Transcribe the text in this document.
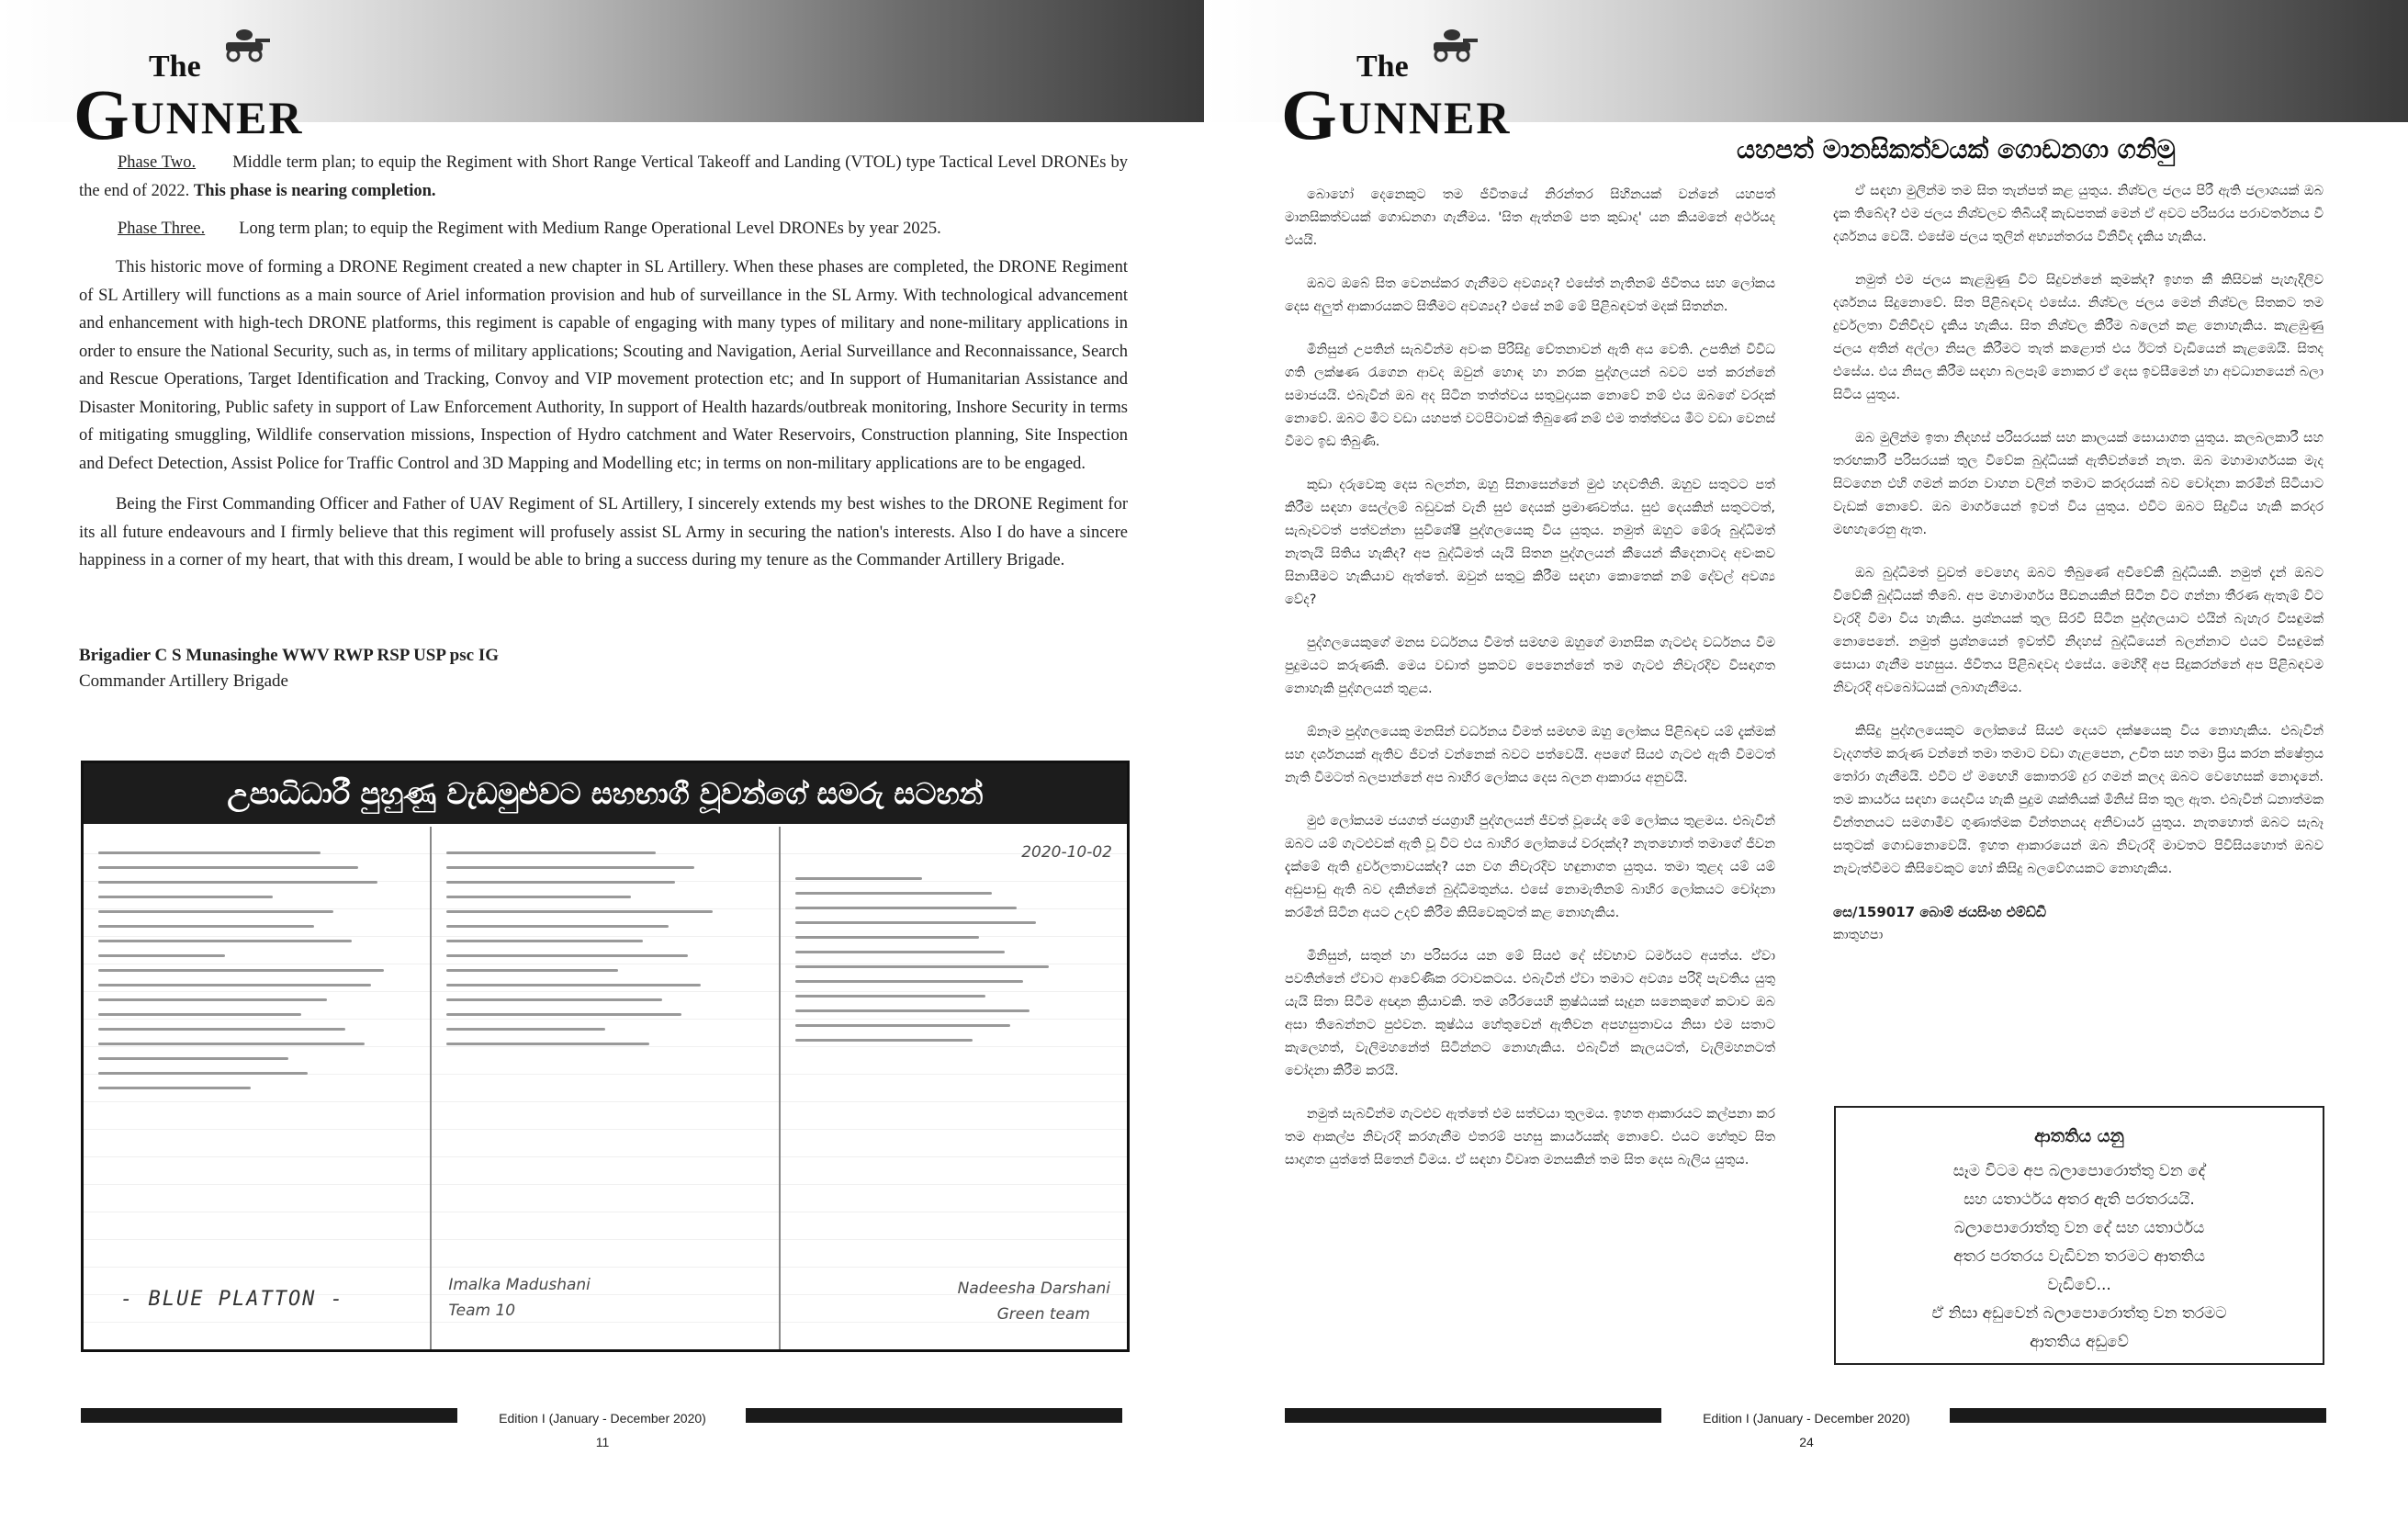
The
GUNNER

Phase Two. Middle term plan; to equip the Regiment with Short Range Vertical Takeoff and Landing (VTOL) type Tactical Level DRONEs by the end of 2022. This phase is nearing completion.

Phase Three. Long term plan; to equip the Regiment with Medium Range Operational Level DRONEs by year 2025.

This historic move of forming a DRONE Regiment created a new chapter in SL Artillery. When these phases are completed, the DRONE Regiment of SL Artillery will functions as a main source of Ariel information provision and hub of surveillance in the SL Army. With technological advancement and enhancement with high-tech DRONE platforms, this regiment is capable of engaging with many types of military and none-military applications in order to ensure the National Security, such as, in terms of military applications; Scouting and Navigation, Aerial Surveillance and Reconnaissance, Search and Rescue Operations, Target Identification and Tracking, Convoy and VIP movement protection etc; and In support of Humanitarian Assistance and Disaster Monitoring, Public safety in support of Law Enforcement Authority, In support of Health hazards/outbreak monitoring, Inshore Security in terms of mitigating smuggling, Wildlife conservation missions, Inspection of Hydro catchment and Water Reservoirs, Construction planning, Site Inspection and Defect Detection, Assist Police for Traffic Control and 3D Mapping and Modelling etc; in terms on non-military applications are to be engaged.

Being the First Commanding Officer and Father of UAV Regiment of SL Artillery, I sincerely extends my best wishes to the DRONE Regiment for its all future endeavours and I firmly believe that this regiment will profusely assist SL Army in securing the nation's interests. Also I do have a sincere happiness in a corner of my heart, that with this dream, I would be able to bring a success during my tenure as the Commander Artillery Brigade.

Brigadier C S Munasinghe WWV RWP RSP USP psc IG
Commander Artillery Brigade
උපාධිධාරී පුහුණු වැඩමුළුවට සහභාගී වූවන්ගේ සමරු සටහන්
- BLUE PLATTON -
Imalka Madushani
Team 10
2020-10-02
Nadeesha Darshani
Green team
Edition I (January - December 2020)
11
The
GUNNER
යහපත් මානසිකත්වයක් ගොඩනගා ගනිමු

බොහෝ දෙනෙකුට තම ජීවිතයේ නිරන්තර සිහිනයක් වන්නේ යහපත් මානසිකත්වයක් ගොඩනගා ගැනීමය. 'සිත ඇත්නම් පත කුඩාද' යන කියමනේ අර්ථයද එයයි.

ඔබට ඔබේ සිත වෙනස්කර ගැනීමට අවශ්‍යද? එසේත් නැතිනම් ජීවිතය සහ ලෝකය දෙස අලුත් ආකාරයකට සිතීමට අවශ්‍යද? එසේ නම් මේ පිළිබඳවත් මදක් සිතන්න.

මිනිසුන් උපතින් සැබවින්ම අවංක පිරිසිදු චේතනාවන් ඇති අය වෙති. උපතින් විවිධ ගති ලක්ෂණ රැගෙන ආවද ඔවුන් හොඳ හා නරක පුද්ගලයන් බවට පත් කරන්නේ සමාජයයි. එබැවින් ඔබ අද සිටින තත්ත්වය සතුටුදායක නොවේ නම් එය ඔබගේ වරදක් නොවේ. ඔබට මීට වඩා යහපත් වටපිටාවක් තිබුණේ නම් එම තත්ත්වය මීට වඩා වෙනස් වීමට ඉඩ තිබුණි.

කුඩා දරුවෙකු දෙස බලන්න, ඔහු සිනාසෙන්නේ මුළු හදවතිනි. ඔහුව සතුටට පත් කිරීම සඳහා සෙල්ලම් බඩුවක් වැනි සුළු දෙයක් ප්‍රමාණවත්ය. සුළු දෙයකින් සතුටටත්, සැබෑවටත් පත්වන්නා සුවිශේෂී පුද්ගලයෙකු විය යුතුය. නමුත් ඔහුට මේරූ බුද්ධිමත් නැතැයි සිතිය හැකිද? අප බුද්ධිමත් යැයි සිතන පුද්ගලයන් කීයෙන් කීදෙනාටද අවංකව සිනාසීමට හැකියාව ඇත්තේ. ඔවුන් සතුටු කිරීම සඳහා කොතෙක් නම් දේවල් අවශ්‍ය වේද?

පුද්ගලයෙකුගේ මනස වර්ධනය වීමත් සමඟම ඔහුගේ මානසික ගැටළුද වර්ධනය වීම පුදුමයට කරුණකි. මෙය වඩාත් ප්‍රකටව පෙනෙන්නේ තම ගැටළු නිවැරදිව විසඳාගත නොහැකි පුද්ගලයන් තුළය.

ඕනෑම පුද්ගලයෙකු මනසින් වර්ධනය වීමත් සමඟම ඔහු ලෝකය පිළිබඳව යම් දැක්මක් සහ දර්ශනයක් ඇතිව ජීවත් වන්නෙක් බවට පත්වෙයි. අපගේ සියළු ගැටළු ඇති වීමටත් නැති වීමටත් බලපාන්නේ අප බාහිර ලෝකය දෙස බලන ආකාරය අනුවයි.

මුළු ලෝකයම ජයගත් ජයග්‍රාහී පුද්ගලයන් ජීවත් වූයේද මේ ලෝකය තුළමය. එබැවින් ඔබට යම් ගැටළුවක් ඇති වූ විට එය බාහිර ලෝකයේ වරදක්ද? නැතහොත් තමාගේ ජීවන දැක්මේ ඇති දුර්වලතාවයක්ද? යන වග නිවැරදිව හඳුනාගත යුතුය. තමා තුළද යම් යම් අඩුපාඩු ඇති බව දකින්නේ බුද්ධිමතුන්ය. එසේ නොමැතිනම් බාහිර ලෝකයට චෝදනා කරමින් සිටින අයට උදව් කිරීම කිසිවෙකුටත් කළ නොහැකිය.

මිනිසුන්, සතුන් හා පරිසරය යන මේ සියළු දේ ස්වභාව ධර්මයට අයත්ය. ඒවා පවතින්නේ ඒවාට ආවේණික රටාවකටය. එබැවින් ඒවා තමාට අවශ්‍ය පරිදි පැවතිය යුතු යැයි සිතා සිටීම අඥාන ක්‍රියාවකි. තම ශරීරයෙහි ක්‍රෂ්ඨයක් සෑදුන සනෙකුගේ කටාව ඔබ අසා තිබෙන්නට පුළුවන. කුෂ්ඨය හේතුවෙන් ඇතිවන අපහසුතාවය නිසා එම සතාට කැලෙහත්, වැලිමහනේත් සිටින්නට නොහැකිය. එබැවින් කැලයටත්, වැලිමහනටත් චෝදනා කිරීම කරයි.

නමුත් සැබවින්ම ගැටළුව ඇත්තේ එම සත්වයා තුලමය. ඉහත ආකාරයට කල්පනා කර තම ආකල්ප නිවැරදි කරගැනීම එතරම් පහසු කාර්යයක්ද නොවේ. එයට හේතුව සිත සාදාගත යුත්තේ සිතෙන් වීමය. ඒ සඳහා විවෘත මනසකින් තම සිත දෙස බැලිය යුතුය.

ඒ සඳහා මුලින්ම තම සිත තැන්පත් කළ යුතුය. නිශ්චල ජලය පිරී ඇති ජලාශයක් ඔබ දැක තිබේද? එම ජලය නිශ්චලව තිබියදී කැඩපතක් මෙන් ඒ අවට පරිසරය පරාවර්තනය වී දර්ශනය වෙයි. එසේම ජලය තුලින් අභ්‍යන්තරය විනිවිද දැකිය හැකිය.

නමුත් එම ජලය කැළඹුණු විට සිදුවන්නේ කුමක්ද? ඉහත කී කිසිවක් පැහැදිලිව දර්ශනය සිදුනොවේ. සිත පිළිබඳවද එසේය. නිශ්චල ජලය මෙන් නිශ්චල සිතකට තම දුර්වලතා විනිවිදව දැකිය හැකිය. සිත නිශ්චල කිරීම බලෙන් කළ නොහැකිය. කැළඹුණු ජලය අතින් අල්ලා නිසල කිරීමට තැත් කළොත් එය ඊටත් වැඩියෙන් කැළඹෙයි. සිතද එසේය. එය නිසල කිරීම සඳහා බලපෑම් නොකර ඒ දෙස ඉවසීමෙන් හා අවධානයෙන් බලා සිටිය යුතුය.

ඔබ මුලින්ම ඉතා නිදහස් පරිසරයක් සහ කාලයක් සොයාගත යුතුය. කලබලකාරී සහ තරඟකාරී පරිසරයක් තුල විවේක බුද්ධියක් ඇතිවන්නේ නැත. ඔබ මහාමාර්ගයක මැද සිටගෙන එහි ගමන් කරන වාහන වලින් තමාට කරදරයක් බව චෝදනා කරමින් සිටියාට වැඩක් නොවේ. ඔබ මාර්ගයෙන් ඉවත් විය යුතුය. එවිට ඔබට සිදුවිය හැකි කරදර මඟහැරෙනු ඇත.

ඔබ බුද්ධිමත් වුවත් වෙහෙදා ඔබට තිබුණේ අවිවේකී බුද්ධියකි. නමුත් දැන් ඔබට විවේකී බුද්ධියක් තිබේ. අප මහාමාර්ගය පීඩනයකින් සිටින විට ගන්නා තීරණ ඇතැම් විට වැරදි වීමා විය හැකිය. ප්‍රශ්නයක් තුල සිරවී සිටින පුද්ගලයාට එයින් බැහැර විසඳුමක් නොපෙනේ. නමුත් ප්‍රශ්නයෙන් ඉවත්වී නිදහස් බුද්ධියෙන් බලන්නාට එයට විසඳුමක් සොයා ගැනීම පහසුය. ජීවිතය පිළිබඳවද එසේය. මෙහිදී අප සිදුකරන්නේ අප පිළිබඳවම නිවැරදි අවබෝධයක් ලබාගැනීමය.

කිසිදු පුද්ගලයෙකුට ලෝකයේ සියළු දෙයට දක්ෂයෙකු විය නොහැකිය. එබැවින් වැදගත්ම කරුණ වන්නේ තමා තමාට වඩා ගැළපෙන, උචිත සහ තමා ප්‍රිය කරන ක්ෂේත්‍රය තෝරා ගැනීමයි. එවිට ඒ මඟෙහි කොතරම් දුර ගමන් කලද ඔබට වෙහෙසක් නොදැනේ. තම කාර්යය සඳහා යෙදවිය හැකි පුදුම ශක්තියක් මිනිස් සිත තුල ඇත. එබැවින් ධනාත්මක චින්තනයට සමගාමීව ගුණාත්මක චින්තනයද අනිවාර්ය යුතුය. නැතහොත් ඔබට සැබෑ සතුටක් ගොඩනොවෙයි. ඉහත ආකාරයෙන් ඔබ නිවැරදි මාවතට පිවිසියහොත් ඔබව නැවැත්වීමට කිසිවෙකුට හෝ කිසිදු බලවේගයකට නොහැකිය.

සෙ/159017 බොම් ජයසිංහ එම්ඩ්ඩී
කාතුහපා
ආතතිය යනු
සෑම විටම අප බලාපොරොත්තු වන දේ
සහ යතාර්ථය අතර ඇති පරතරයයි.
බලාපොරොත්තු වන දේ සහ යතාර්ථය
අතර පරතරය වැඩිවන තරමට ආතතිය
වැඩිවේ...
ඒ නිසා අඩුවෙන් බලාපොරොත්තු වන තරමට
ආතතිය අඩුවේ
Edition I (January - December 2020)
24
